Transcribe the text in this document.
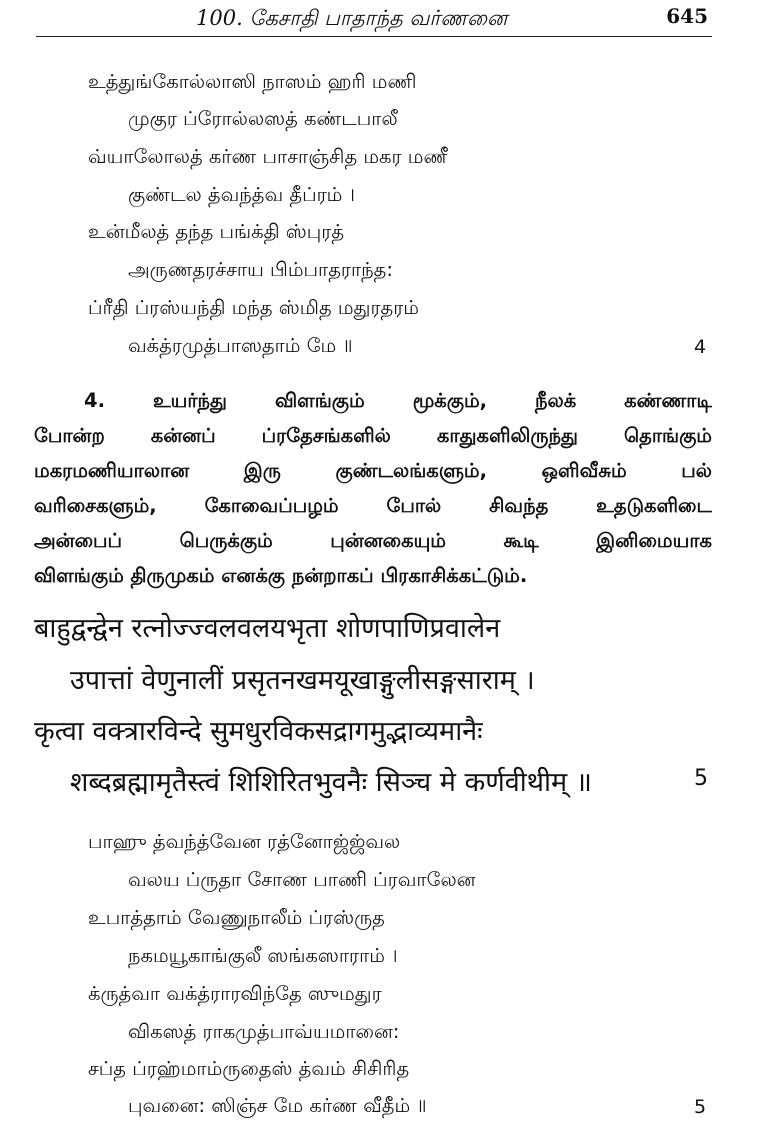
100. கேசாதி பாதாந்த வர்ணனை	645
உத்துங்கோல்லாஸி நாஸம் ஹரி மணி
முகுர ப்ரோல்லஸத் கண்டபாலீ
வ்யாலோலத் கர்ண பாசாஞ்சித மகர மணீ
குண்டல த்வந்த்வ தீப்ரம் ।
உன்மீலத் தந்த பங்க்தி ஸ்புரத்
அருணதரச்சாய பிம்பாதராந்த:
ப்ரீதி ப்ரஸ்யந்தி மந்த ஸ்மித மதுரதரம்
வக்த்ரமுத்பாஸதாம் மே ॥	4
4. உயர்ந்து விளங்கும் மூக்கும், நீலக் கண்ணாடி
போன்ற கன்னப் ப்ரதேசங்களில் காதுகளிலிருந்து தொங்கும்
மகரமணியாலான இரு குண்டலங்களும், ஒளிவீசும் பல்
வரிசைகளும், கோவைப்பழம் போல் சிவந்த உதடுகளிடை
அன்பைப் பெருக்கும் புன்னகையும் கூடி இனிமையாக
விளங்கும் திருமுகம் எனக்கு நன்றாகப் பிரகாசிக்கட்டும்.
बाहुद्वन्द्वेन रत्नोज्ज्वलवलयभृता शोणपाणिप्रवालेन
उपात्तां वेणुनालीं प्रसृतनखमयूखाङ्गुलीसङ्गसाराम् ।
कृत्वा वक्त्रारविन्दे सुमधुरविकसद्रागमुद्भाव्यमानैः
शब्दब्रह्मामृतैस्त्वं शिशिरितभुवनैः सिञ्च मे कर्णवीथीम् ॥	5
பாஹு த்வந்த்வேன ரத்னோஜ்ஜ்வல
வலய ப்ருதா சோண பாணி ப்ரவாலேன
உபாத்தாம் வேணுநாலீம் ப்ரஸ்ருத
நகமயூகாங்குலீ ஸங்கஸாராம் ।
க்ருத்வா வக்த்ராரவிந்தே ஸுமதுர
விகஸத் ராகமுத்பாவ்யமானை:
சப்த ப்ரஹ்மாம்ருதைஸ் த்வம் சிசிரித
புவனை: ஸிஞ்ச மே கர்ண வீதீம் ॥	5
